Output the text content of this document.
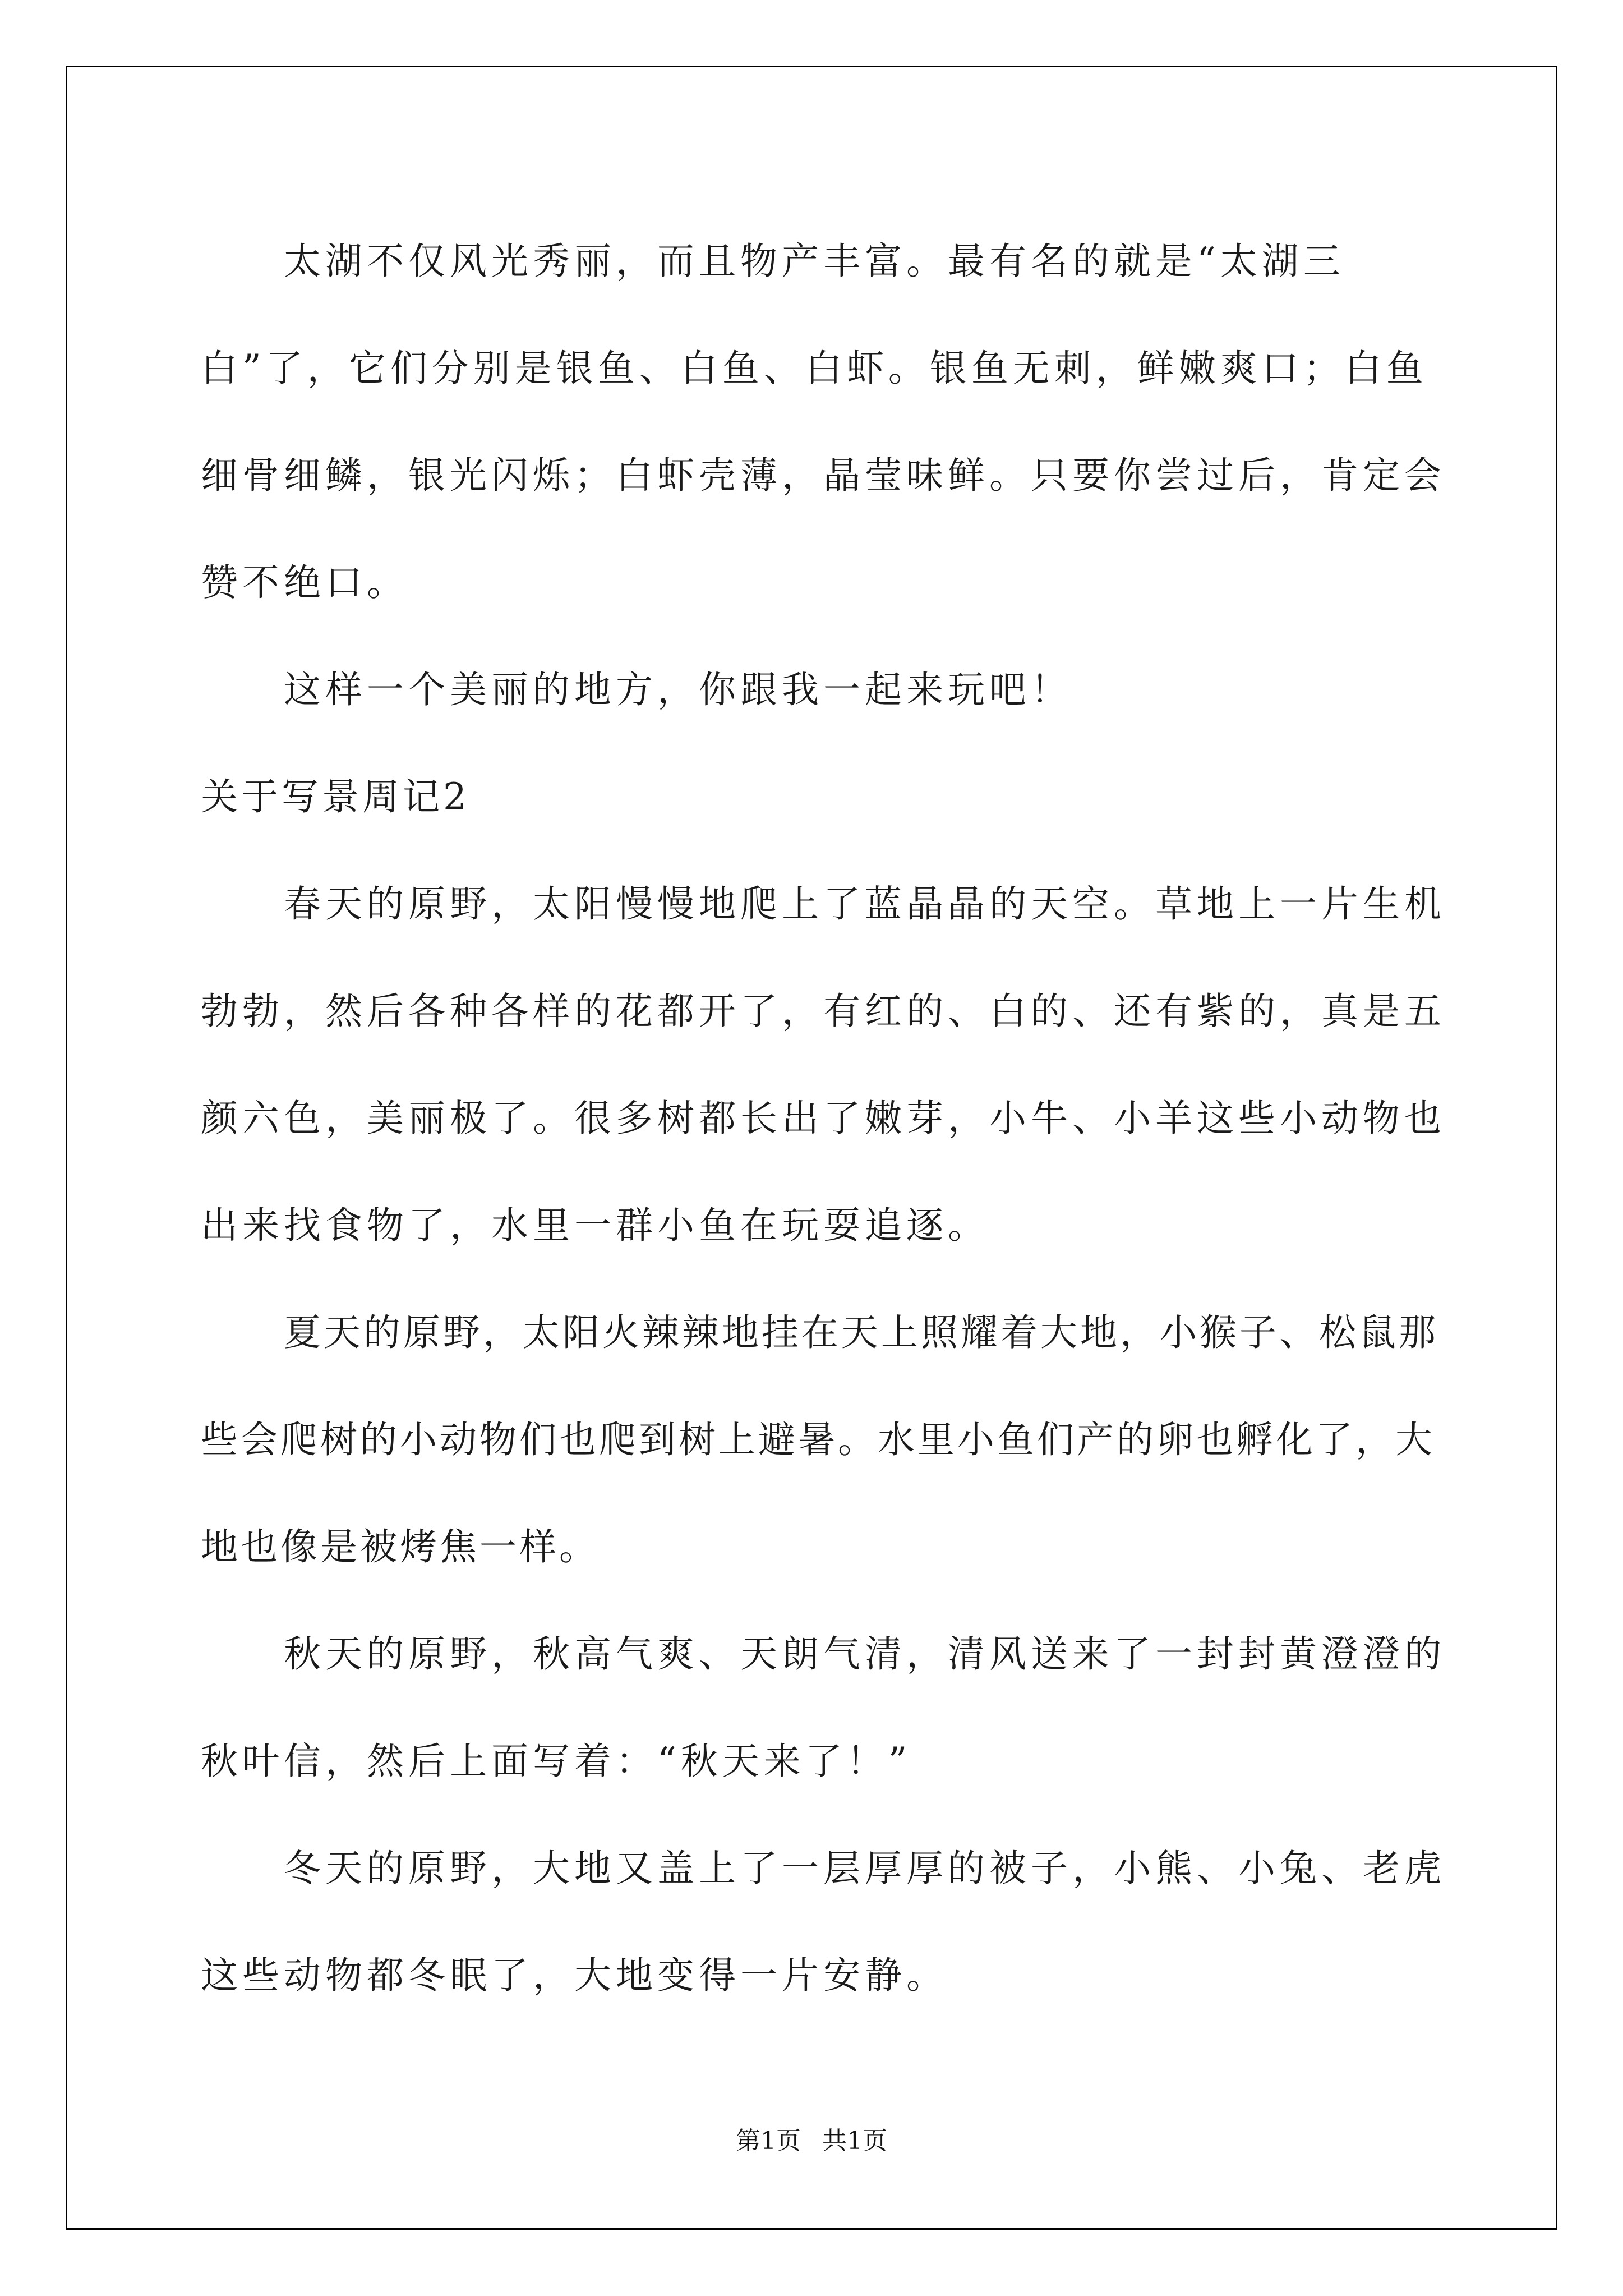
太湖不仅风光秀丽，而且物产丰富。最有名的就是“太湖三白”了，它们分别是银鱼、白鱼、白虾。银鱼无刺，鲜嫩爽口；白鱼细骨细鳞，银光闪烁；白虾壳薄，晶莹味鲜。只要你尝过后，肯定会赞不绝口。

这样一个美丽的地方，你跟我一起来玩吧！

关于写景周记2

春天的原野，太阳慢慢地爬上了蓝晶晶的天空。草地上一片生机勃勃，然后各种各样的花都开了，有红的、白的、还有紫的，真是五颜六色，美丽极了。很多树都长出了嫩芽，小牛、小羊这些小动物也出来找食物了，水里一群小鱼在玩耍追逐。

夏天的原野，太阳火辣辣地挂在天上照耀着大地，小猴子、松鼠那些会爬树的小动物们也爬到树上避暑。水里小鱼们产的卵也孵化了，大地也像是被烤焦一样。

秋天的原野，秋高气爽、天朗气清，清风送来了一封封黄澄澄的秋叶信，然后上面写着：“秋天来了！”

冬天的原野，大地又盖上了一层厚厚的被子，小熊、小兔、老虎这些动物都冬眠了，大地变得一片安静。

第1页 共1页
